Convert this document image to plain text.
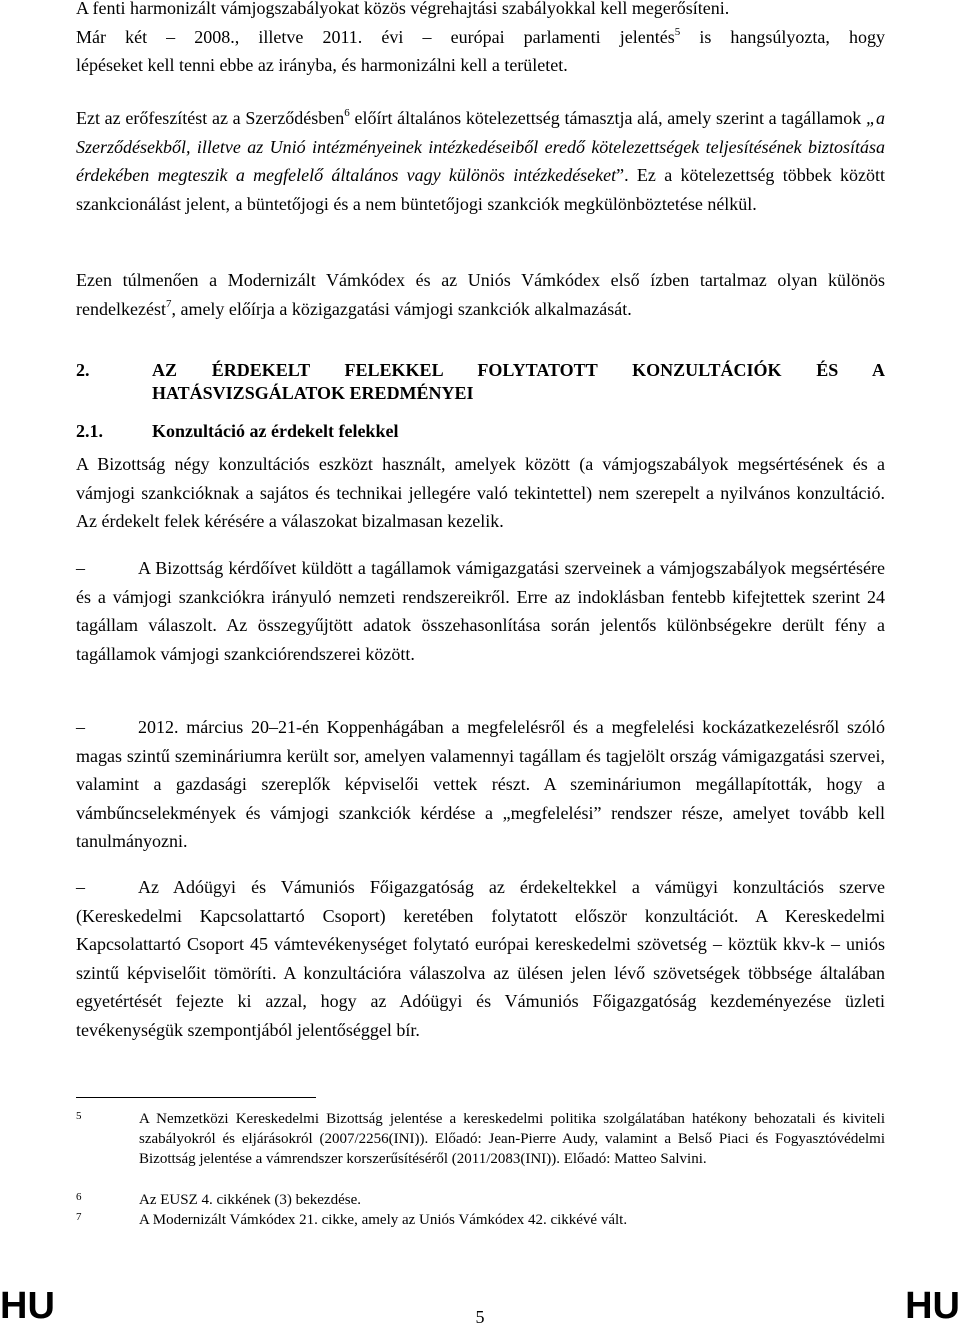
A fenti harmonizált vámjogszabályokat közös végrehajtási szabályokkal kell megerősíteni.

Már két – 2008., illetve 2011. évi – európai parlamenti jelentés$^5$ is hangsúlyozta, hogy

lépéseket kell tenni ebbe az irányba, és harmonizálni kell a területet.

Ezt az erőfeszítést az a Szerződésben$^6$ előírt általános kötelezettség támasztja alá, amely szerint a tagállamok „a Szerződésekből, illetve az Unió intézményeinek intézkedéseiből eredő kötelezettségek teljesítésének biztosítása érdekében megteszik a megfelelő általános vagy különös intézkedéseket”. Ez a kötelezettség többek között szankcionálást jelent, a büntetőjogi és a nem büntetőjogi szankciók megkülönböztetése nélkül.

Ezen túlmenően a Modernizált Vámkódex és az Uniós Vámkódex első ízben tartalmaz olyan különös rendelkezést$^7$, amely előírja a közigazgatási vámjogi szankciók alkalmazását.

2.	AZ ÉRDEKELT FELEKKEL FOLYTATOTT KONZULTÁCIÓK ÉS A HATÁSVIZSGÁLATOK EREDMÉNYEI
2.1.	Konzultáció az érdekelt felekkel

A Bizottság négy konzultációs eszközt használt, amelyek között (a vámjogszabályok megsértésének és a vámjogi szankcióknak a sajátos és technikai jellegére való tekintettel) nem szerepelt a nyilvános konzultáció. Az érdekelt felek kérésére a válaszokat bizalmasan kezelik.

–	A Bizottság kérdőívet küldött a tagállamok vámigazgatási szerveinek a vámjogszabályok megsértésére és a vámjogi szankciókra irányuló nemzeti rendszereikről. Erre az indoklásban fentebb kifejtettek szerint 24 tagállam válaszolt. Az összegyűjtött adatok összehasonlítása során jelentős különbségekre derült fény a tagállamok vámjogi szankciórendszerei között.

–	2012. március 20–21-én Koppenhágában a megfelelésről és a megfelelési kockázatkezelésről szóló magas szintű szemináriumra került sor, amelyen valamennyi tagállam és tagjelölt ország vámigazgatási szervei, valamint a gazdasági szereplők képviselői vettek részt. A szemináriumon megállapították, hogy a vámbűncselekmények és vámjogi szankciók kérdése a „megfelelési” rendszer része, amelyet tovább kell tanulmányozni.

–	Az Adóügyi és Vámuniós Főigazgatóság az érdekeltekkel a vámügyi konzultációs szerve (Kereskedelmi Kapcsolattartó Csoport) keretében folytatott először konzultációt. A Kereskedelmi Kapcsolattartó Csoport 45 vámtevékenységet folytató európai kereskedelmi szövetség – köztük kkv-k – uniós szintű képviselőit tömöríti. A konzultációra válaszolva az ülésen jelen lévő szövetségek többsége általában egyetértését fejezte ki azzal, hogy az Adóügyi és Vámuniós Főigazgatóság kezdeményezése üzleti tevékenységük szempontjából jelentőséggel bír.

5	A Nemzetközi Kereskedelmi Bizottság jelentése a kereskedelmi politika szolgálatában hatékony behozatali és kiviteli szabályokról és eljárásokról (2007/2256(INI)). Előadó: Jean-Pierre Audy, valamint a Belső Piaci és Fogyasztóvédelmi Bizottság jelentése a vámrendszer korszerűsítéséről (2011/2083(INI)). Előadó: Matteo Salvini.
6	Az EUSZ 4. cikkének (3) bekezdése.
7	A Modernizált Vámkódex 21. cikke, amely az Uniós Vámkódex 42. cikkévé vált.
HU	5	HU
